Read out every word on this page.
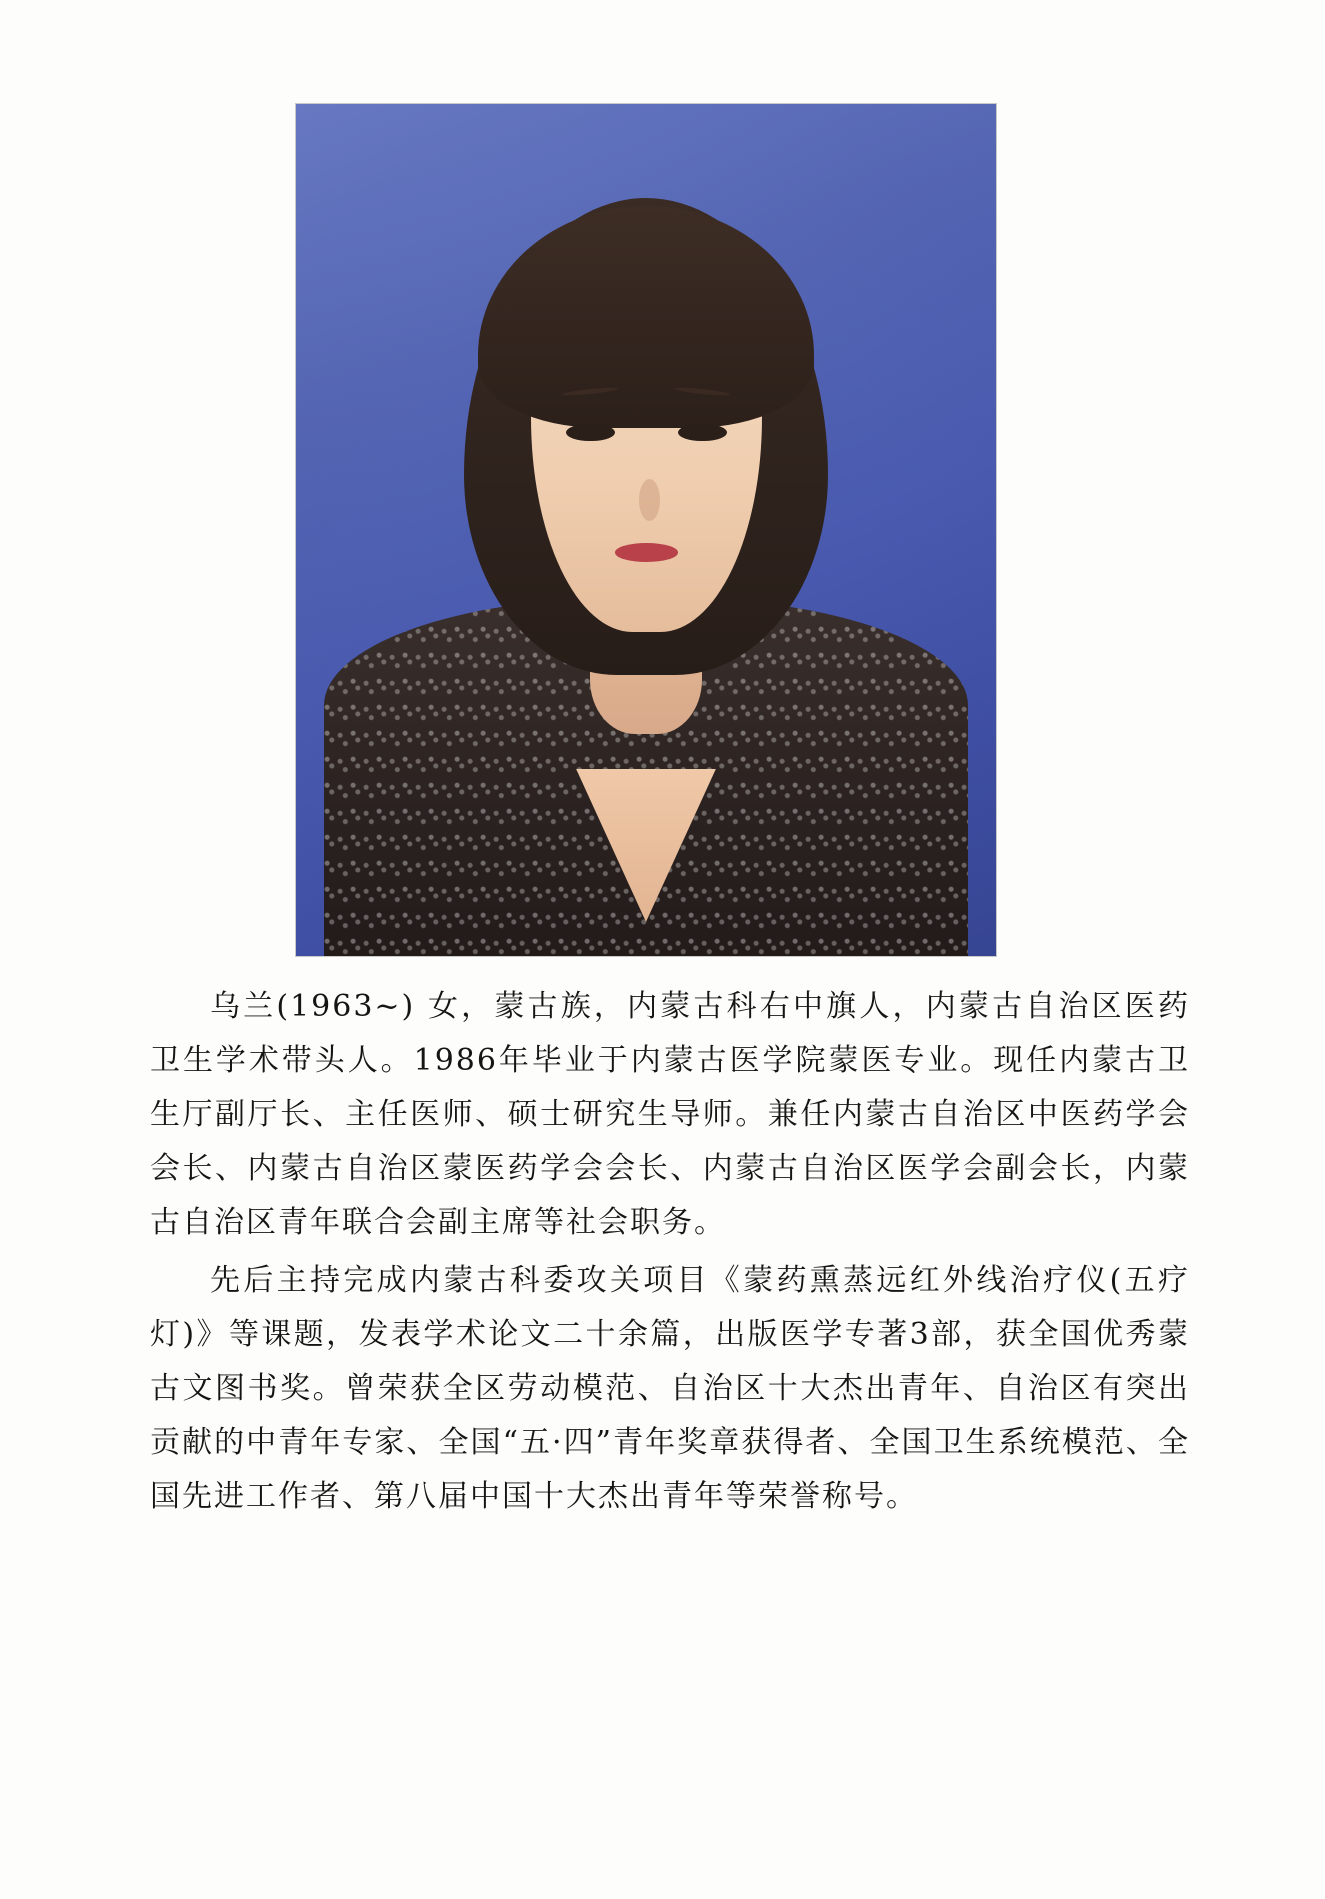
乌兰(1963~) 女，蒙古族，内蒙古科右中旗人，内蒙古自治区医药卫生学术带头人。1986年毕业于内蒙古医学院蒙医专业。现任内蒙古卫生厅副厅长、主任医师、硕士研究生导师。兼任内蒙古自治区中医药学会会长、内蒙古自治区蒙医药学会会长、内蒙古自治区医学会副会长，内蒙古自治区青年联合会副主席等社会职务。

先后主持完成内蒙古科委攻关项目《蒙药熏蒸远红外线治疗仪(五疗灯)》等课题，发表学术论文二十余篇，出版医学专著3部，获全国优秀蒙古文图书奖。曾荣获全区劳动模范、自治区十大杰出青年、自治区有突出贡献的中青年专家、全国“五·四”青年奖章获得者、全国卫生系统模范、全国先进工作者、第八届中国十大杰出青年等荣誉称号。
